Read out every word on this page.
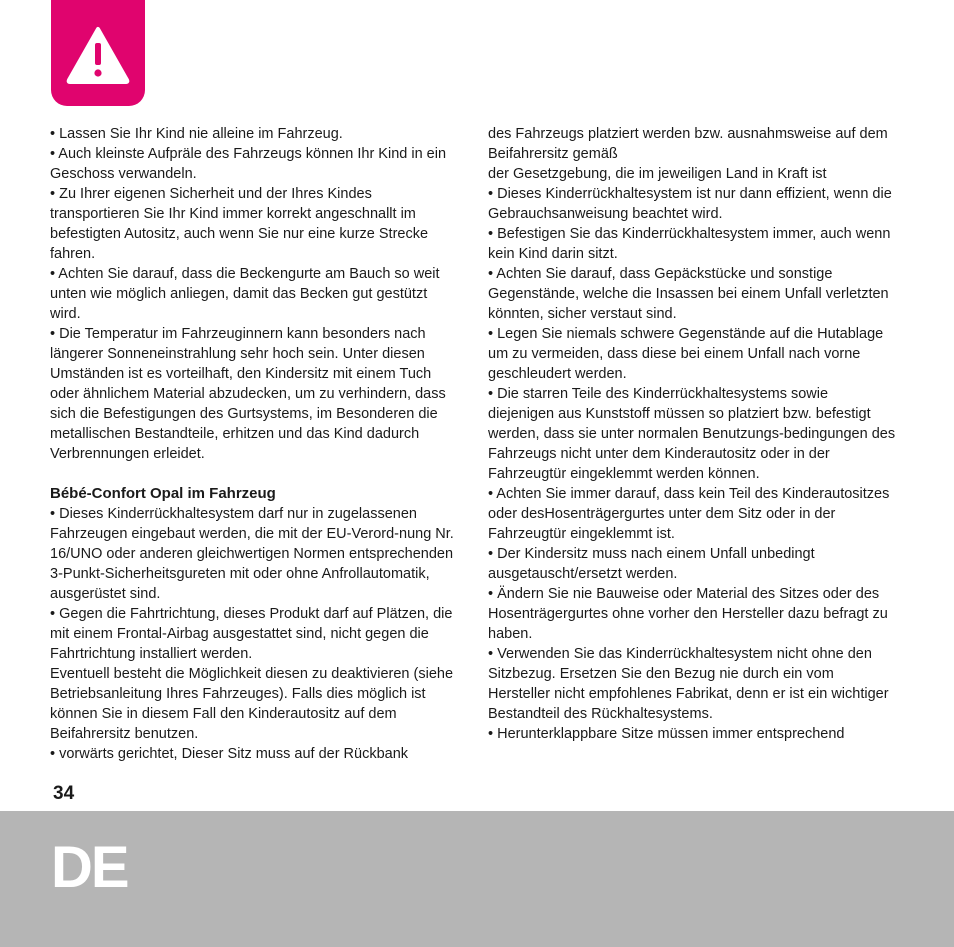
• Lassen Sie Ihr Kind nie alleine im Fahrzeug.

• Auch kleinste Aufpräle des Fahrzeugs können Ihr Kind in ein Geschoss verwandeln.

• Zu Ihrer eigenen Sicherheit und der Ihres Kindes transportieren Sie Ihr Kind immer korrekt angeschnallt im befestigten Autositz, auch wenn Sie nur eine kurze Strecke fahren.

• Achten Sie darauf, dass die Beckengurte am Bauch so weit unten wie möglich anliegen, damit das Becken gut gestützt wird.

• Die Temperatur im Fahrzeuginnern kann besonders nach längerer Sonneneinstrahlung sehr hoch sein. Unter diesen Umständen ist es vorteilhaft, den Kindersitz mit einem Tuch oder ähnlichem Material abzudecken, um zu verhindern, dass sich die Befestigungen des Gurtsystems, im Besonderen die metallischen Bestandteile, erhitzen und das Kind dadurch Verbrennungen erleidet.

Bébé-Confort Opal im Fahrzeug

• Dieses Kinderrückhaltesystem darf nur in zugelassenen Fahrzeugen eingebaut werden, die mit der EU-Verord-nung Nr. 16/UNO oder anderen gleichwertigen Normen entsprechenden 3-Punkt-Sicherheitsgureten mit oder ohne Anfrollautomatik, ausgerüstet sind.

• Gegen die Fahrtrichtung, dieses Produkt darf auf Plätzen, die mit einem Frontal-Airbag ausgestattet sind, nicht gegen die Fahrtrichtung installiert werden.

Eventuell besteht die Möglichkeit diesen zu deaktivieren (siehe Betriebsanleitung Ihres Fahrzeuges). Falls dies möglich ist können Sie in diesem Fall den Kinderautositz auf dem Beifahrersitz benutzen.

• vorwärts gerichtet, Dieser Sitz muss auf der Rückbank

des Fahrzeugs platziert werden bzw. ausnahmsweise auf dem Beifahrersitz gemäß

der Gesetzgebung, die im jeweiligen Land in Kraft ist

• Dieses Kinderrückhaltesystem ist nur dann effizient, wenn die Gebrauchsanweisung beachtet wird.

• Befestigen Sie das Kinderrückhaltesystem immer, auch wenn kein Kind darin sitzt.

• Achten Sie darauf, dass Gepäckstücke und sonstige Gegenstände, welche die Insassen bei einem Unfall verletzten könnten, sicher verstaut sind.

• Legen Sie niemals schwere Gegenstände auf die Hutablage um zu vermeiden, dass diese bei einem Unfall nach vorne geschleudert werden.

• Die starren Teile des Kinderrückhaltesystems sowie diejenigen aus Kunststoff müssen so platziert bzw. befestigt werden, dass sie unter normalen Benutzungs-bedingungen des Fahrzeugs nicht unter dem Kinderautositz oder in der Fahrzeugtür eingeklemmt werden können.

• Achten Sie immer darauf, dass kein Teil des Kinderautositzes oder desHosenträgergurtes unter dem Sitz oder in der Fahrzeugtür eingeklemmt ist.

• Der Kindersitz muss nach einem Unfall unbedingt ausgetauscht/ersetzt werden.

• Ändern Sie nie Bauweise oder Material des Sitzes oder des Hosenträgergurtes ohne vorher den Hersteller dazu befragt zu haben.

• Verwenden Sie das Kinderrückhaltesystem nicht ohne den Sitzbezug. Ersetzen Sie den Bezug nie durch ein vom Hersteller nicht empfohlenes Fabrikat, denn er ist ein wichtiger Bestandteil des Rückhaltesystems.

• Herunterklappbare Sitze müssen immer entsprechend

34
DE
